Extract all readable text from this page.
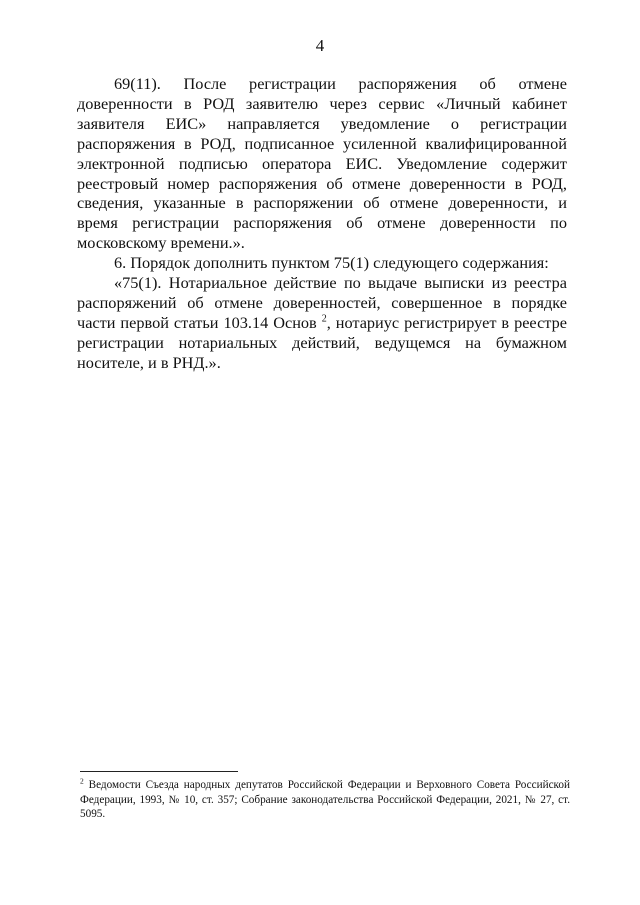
4

69(11). После регистрации распоряжения об отмене доверенности в РОД заявителю через сервис «Личный кабинет заявителя ЕИС» направляется уведомление о регистрации распоряжения в РОД, подписанное усиленной квалифицированной электронной подписью оператора ЕИС. Уведомление содержит реестровый номер распоряжения об отмене доверенности в РОД, сведения, указанные в распоряжении об отмене доверенности, и время регистрации распоряжения об отмене доверенности по московскому времени.».

6. Порядок дополнить пунктом 75(1) следующего содержания:

«75(1). Нотариальное действие по выдаче выписки из реестра распоряжений об отмене доверенностей, совершенное в порядке части первой статьи 103.14 Основ $^2$, нотариус регистрирует в реестре регистрации нотариальных действий, ведущемся на бумажном носителе, и в РНД.».

$^2$ Ведомости Съезда народных депутатов Российской Федерации и Верховного Совета Российской Федерации, 1993, № 10, ст. 357; Собрание законодательства Российской Федерации, 2021, № 27, ст. 5095.
